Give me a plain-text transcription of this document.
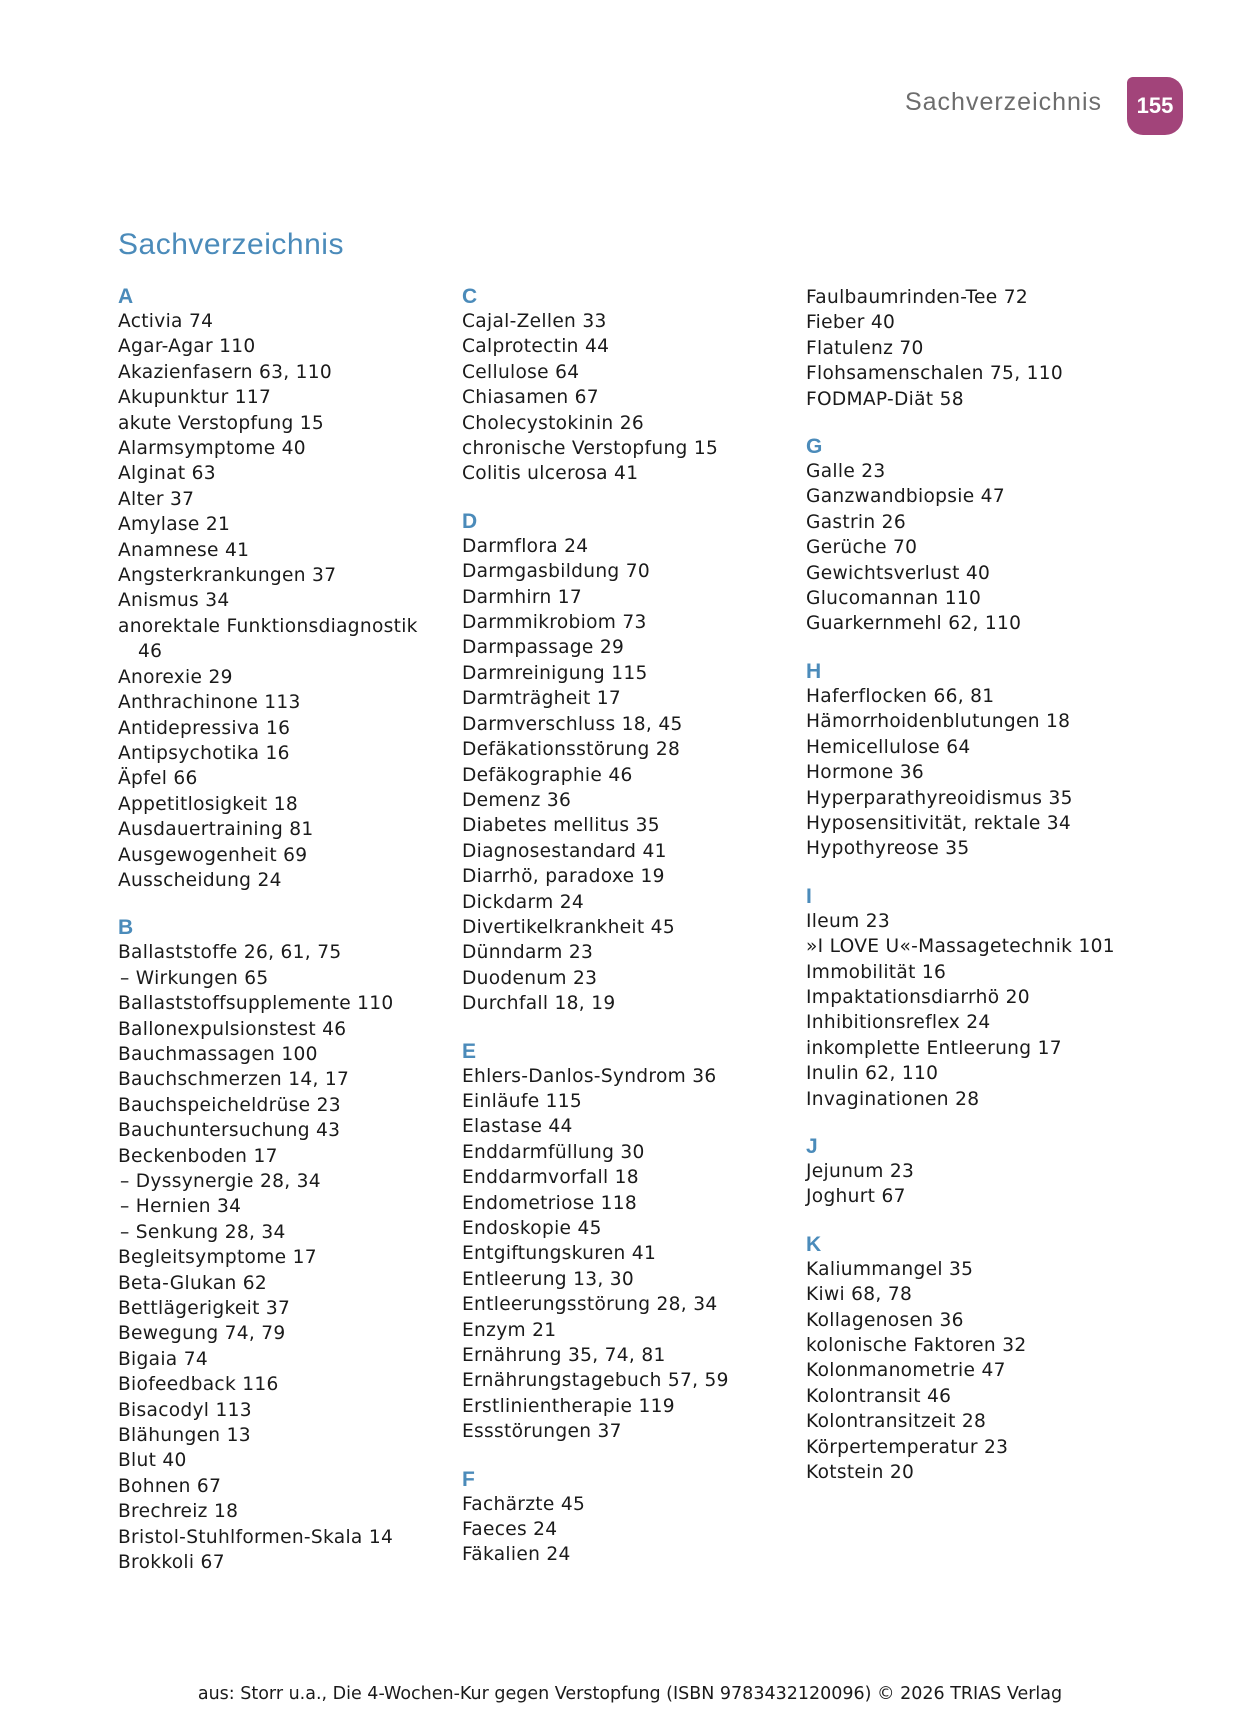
Sachverzeichnis	155
Sachverzeichnis
A
Activia 74
Agar-Agar 110
Akazienfasern 63, 110
Akupunktur 117
akute Verstopfung 15
Alarmsymptome 40
Alginat 63
Alter 37
Amylase 21
Anamnese 41
Angsterkrankungen 37
Anismus 34
anorektale Funktionsdiagnostik 46
Anorexie 29
Anthrachinone 113
Antidepressiva 16
Antipsychotika 16
Äpfel 66
Appetitlosigkeit 18
Ausdauertraining 81
Ausgewogenheit 69
Ausscheidung 24
B
Ballaststoffe 26, 61, 75
– Wirkungen 65
Ballaststoffsupplemente 110
Ballonexpulsionstest 46
Bauchmassagen 100
Bauchschmerzen 14, 17
Bauchspeicheldrüse 23
Bauchuntersuchung 43
Beckenboden 17
– Dyssynergie 28, 34
– Hernien 34
– Senkung 28, 34
Begleitsymptome 17
Beta-Glukan 62
Bettlägerigkeit 37
Bewegung 74, 79
Bigaia 74
Biofeedback 116
Bisacodyl 113
Blähungen 13
Blut 40
Bohnen 67
Brechreiz 18
Bristol-Stuhlformen-Skala 14
Brokkoli 67
C
Cajal-Zellen 33
Calprotectin 44
Cellulose 64
Chiasamen 67
Cholecystokinin 26
chronische Verstopfung 15
Colitis ulcerosa 41
D
Darmflora 24
Darmgasbildung 70
Darmhirn 17
Darmmikrobiom 73
Darmpassage 29
Darmreinigung 115
Darmträgheit 17
Darmverschluss 18, 45
Defäkationsstörung 28
Defäkographie 46
Demenz 36
Diabetes mellitus 35
Diagnosestandard 41
Diarrhö, paradoxe 19
Dickdarm 24
Divertikelkrankheit 45
Dünndarm 23
Duodenum 23
Durchfall 18, 19
E
Ehlers-Danlos-Syndrom 36
Einläufe 115
Elastase 44
Enddarmfüllung 30
Enddarmvorfall 18
Endometriose 118
Endoskopie 45
Entgiftungskuren 41
Entleerung 13, 30
Entleerungsstörung 28, 34
Enzym 21
Ernährung 35, 74, 81
Ernährungstagebuch 57, 59
Erstlinientherapie 119
Essstörungen 37
F
Fachärzte 45
Faeces 24
Fäkalien 24
Faulbaumrinden-Tee 72
Fieber 40
Flatulenz 70
Flohsamenschalen 75, 110
FODMAP-Diät 58
G
Galle 23
Ganzwandbiopsie 47
Gastrin 26
Gerüche 70
Gewichtsverlust 40
Glucomannan 110
Guarkernmehl 62, 110
H
Haferflocken 66, 81
Hämorrhoidenblutungen 18
Hemicellulose 64
Hormone 36
Hyperparathyreoidismus 35
Hyposensitivität, rektale 34
Hypothyreose 35
I
Ileum 23
»I LOVE U«-Massagetechnik 101
Immobilität 16
Impaktationsdiarrhö 20
Inhibitionsreflex 24
inkomplette Entleerung 17
Inulin 62, 110
Invaginationen 28
J
Jejunum 23
Joghurt 67
K
Kaliummangel 35
Kiwi 68, 78
Kollagenosen 36
kolonische Faktoren 32
Kolonmanometrie 47
Kolontransit 46
Kolontransitzeit 28
Körpertemperatur 23
Kotstein 20
aus: Storr u.a., Die 4-Wochen-Kur gegen Verstopfung (ISBN 9783432120096) © 2026 TRIAS Verlag
